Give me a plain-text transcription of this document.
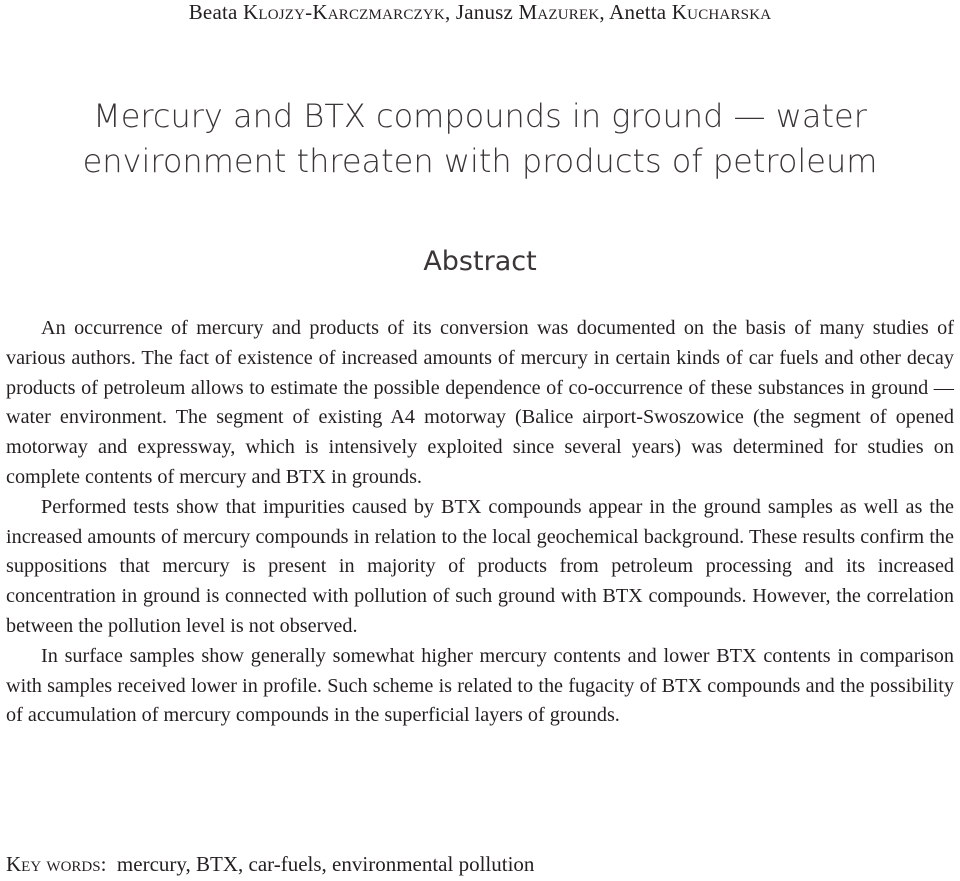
Beata Klojzy-Karczmarczyk, Janusz Mazurek, Anetta Kucharska
Mercury and BTX compounds in ground — water
environment threaten with products of petroleum
Abstract

An occurrence of mercury and products of its conversion was documented on the basis of many studies of various authors. The fact of existence of increased amounts of mercury in certain kinds of car fuels and other decay products of petroleum allows to estimate the possible dependence of co-occurrence of these substances in ground — water environment. The segment of existing A4 motorway (Balice airport-Swoszowice (the segment of opened motorway and expressway, which is intensively exploited since several years) was determined for studies on complete contents of mercury and BTX in grounds.

Performed tests show that impurities caused by BTX compounds appear in the ground samples as well as the increased amounts of mercury compounds in relation to the local geochemical background. These results confirm the suppositions that mercury is present in majority of products from petroleum processing and its increased concentration in ground is connected with pollution of such ground with BTX compounds. However, the correlation between the pollution level is not observed.

In surface samples show generally somewhat higher mercury contents and lower BTX contents in comparison with samples received lower in profile. Such scheme is related to the fugacity of BTX compounds and the possibility of accumulation of mercury compounds in the superficial layers of grounds.

Key words: mercury, BTX, car-fuels, environmental pollution
